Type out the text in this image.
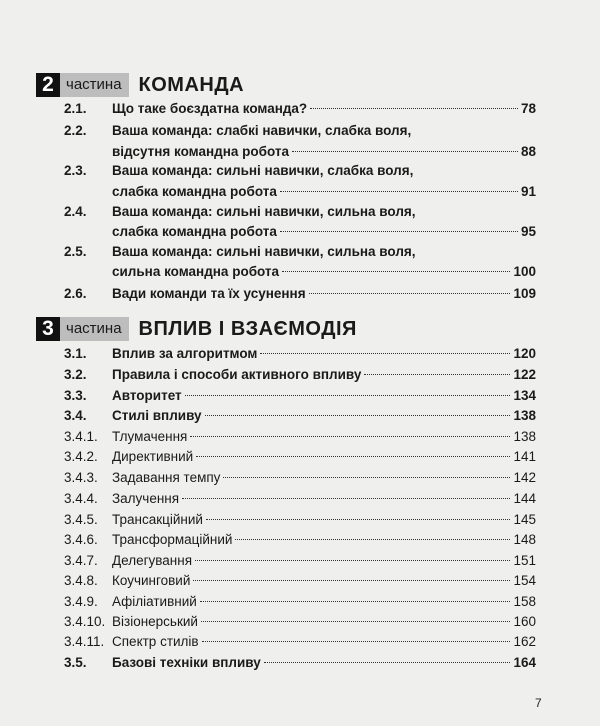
2 частина КОМАНДА
2.1.	Що таке боєздатна команда?	78
2.2.	Ваша команда: слабкі навички, слабка воля,
відсутня командна робота	88
2.3.	Ваша команда: сильні навички, слабка воля,
слабка командна робота	91
2.4.	Ваша команда: сильні навички, сильна воля,
слабка командна робота	95
2.5.	Ваша команда: сильні навички, сильна воля,
сильна командна робота	100
2.6.	Вади команди та їх усунення	109
3 частина ВПЛИВ І ВЗАЄМОДІЯ
3.1.	Вплив за алгоритмом	120
3.2.	Правила і способи активного впливу	122
3.3.	Авторитет	134
3.4.	Стилі впливу	138
3.4.1.	Тлумачення	138
3.4.2.	Директивний	141
3.4.3.	Задавання темпу	142
3.4.4.	Залучення	144
3.4.5.	Трансакційний	145
3.4.6.	Трансформаційний	148
3.4.7.	Делегування	151
3.4.8.	Коучинговий	154
3.4.9.	Афіліативний	158
3.4.10. Візіонерський	160
3.4.11. Спектр стилів	162
3.5.	Базові техніки впливу	164
7
